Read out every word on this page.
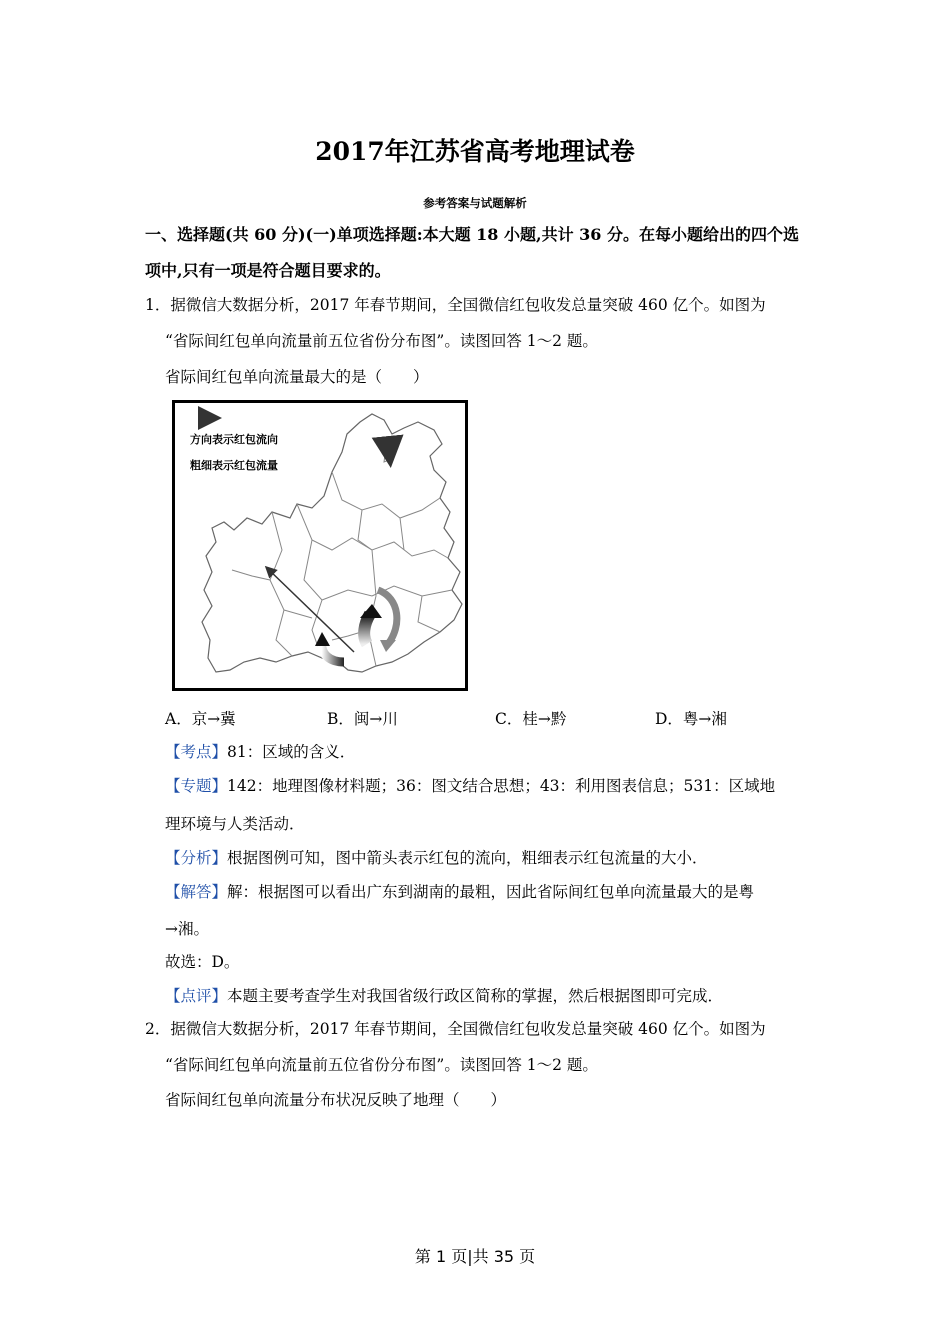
2017年江苏省高考地理试卷
参考答案与试题解析
一、选择题(共 60 分)(一)单项选择题:本大题 18 小题,共计 36 分。在每小题给出的四个选项中,只有一项是符合题目要求的。
1．据微信大数据分析，2017 年春节期间，全国微信红包收发总量突破 460 亿个。如图为
“省际间红包单向流量前五位省份分布图”。读图回答 1～2 题。
省际间红包单向流量最大的是（　　）
方向表示红包流向
粗细表示红包流量
A．京→冀	B．闽→川	C．桂→黔	D．粤→湘
【考点】81：区域的含义．
【专题】142：地理图像材料题；36：图文结合思想；43：利用图表信息；531：区域地
理环境与人类活动．
【分析】根据图例可知，图中箭头表示红包的流向，粗细表示红包流量的大小．
【解答】解：根据图可以看出广东到湖南的最粗，因此省际间红包单向流量最大的是粤
→湘。
故选：D。
【点评】本题主要考查学生对我国省级行政区简称的掌握，然后根据图即可完成．
2．据微信大数据分析，2017 年春节期间，全国微信红包收发总量突破 460 亿个。如图为
“省际间红包单向流量前五位省份分布图”。读图回答 1～2 题。
省际间红包单向流量分布状况反映了地理（　　）
第 1 页|共 35 页
